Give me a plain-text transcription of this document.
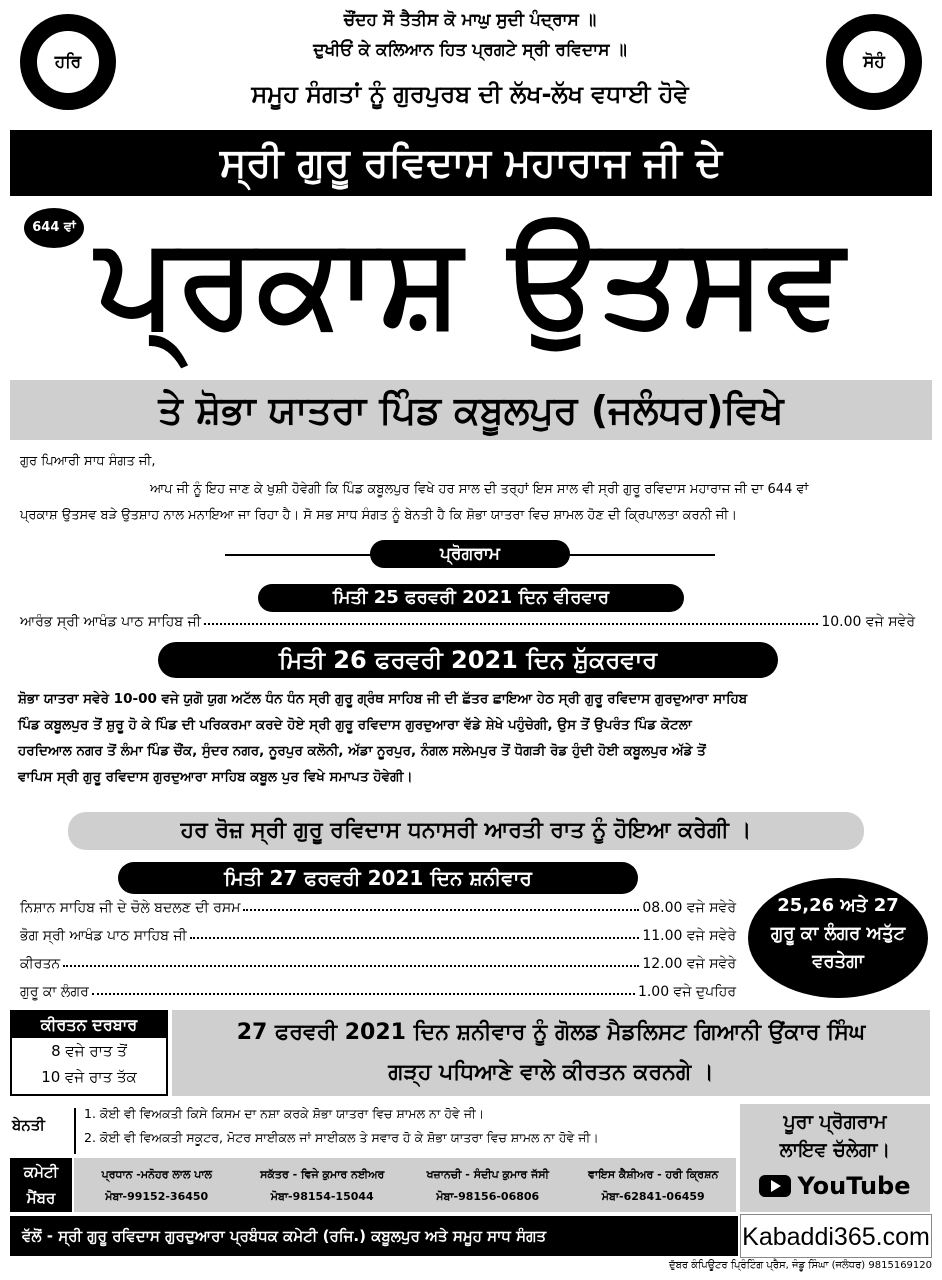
ਹਰਿ	ਸੋਹੰ
ਚੌਂਦਹ ਸੌ ਤੈਤੀਸ ਕੋ ਮਾਘੁ ਸੁਦੀ ਪੰਦ੍ਰਾਸ ॥
ਦੁਖੀਓਂ ਕੇ ਕਲਿਆਨ ਹਿਤ ਪ੍ਰਗਟੇ ਸ੍ਰੀ ਰਵਿਦਾਸ ॥
ਸਮੂਹ ਸੰਗਤਾਂ ਨੂੰ ਗੁਰਪੁਰਬ ਦੀ ਲੱਖ-ਲੱਖ ਵਧਾਈ ਹੋਵੇ
ਸ੍ਰੀ ਗੁਰੂ ਰਵਿਦਾਸ ਮਹਾਰਾਜ ਜੀ ਦੇ
644 ਵਾਂ ਪ੍ਰਕਾਸ਼ ਉਤਸਵ
ਤੇ ਸ਼ੋਭਾ ਯਾਤਰਾ ਪਿੰਡ ਕਬੂਲਪੁਰ (ਜਲੰਧਰ)ਵਿਖੇ
ਗੁਰ ਪਿਆਰੀ ਸਾਧ ਸੰਗਤ ਜੀ,
ਆਪ ਜੀ ਨੂੰ ਇਹ ਜਾਣ ਕੇ ਖੁਸ਼ੀ ਹੋਵੇਗੀ ਕਿ ਪਿੰਡ ਕਬੂਲਪੁਰ ਵਿਖੇ ਹਰ ਸਾਲ ਦੀ ਤਰ੍ਹਾਂ ਇਸ ਸਾਲ ਵੀ ਸ੍ਰੀ ਗੁਰੂ ਰਵਿਦਾਸ ਮਹਾਰਾਜ ਜੀ ਦਾ 644 ਵਾਂ
ਪ੍ਰਕਾਸ਼ ਉਤਸਵ ਬੜੇ ਉਤਸ਼ਾਹ ਨਾਲ ਮਨਾਇਆ ਜਾ ਰਿਹਾ ਹੈ। ਸੋ ਸਭ ਸਾਧ ਸੰਗਤ ਨੂੰ ਬੇਨਤੀ ਹੈ ਕਿ ਸ਼ੋਭਾ ਯਾਤਰਾ ਵਿਚ ਸ਼ਾਮਲ ਹੋਣ ਦੀ ਕ੍ਰਿਪਾਲਤਾ ਕਰਨੀ ਜੀ।
ਪ੍ਰੋਗਰਾਮ
ਮਿਤੀ 25 ਫਰਵਰੀ 2021 ਦਿਨ ਵੀਰਵਾਰ
ਆਰੰਭ ਸ੍ਰੀ ਆਖੰਡ ਪਾਠ ਸਾਹਿਬ ਜੀ	10.00 ਵਜੇ ਸਵੇਰੇ
ਮਿਤੀ 26 ਫਰਵਰੀ 2021 ਦਿਨ ਸ਼ੁੱਕਰਵਾਰ
ਸ਼ੋਭਾ ਯਾਤਰਾ ਸਵੇਰੇ 10-00 ਵਜੇ ਯੁਗੋ ਯੁਗ ਅਟੱਲ ਧੰਨ ਧੰਨ ਸ੍ਰੀ ਗੁਰੂ ਗ੍ਰੰਥ ਸਾਹਿਬ ਜੀ ਦੀ ਛੱਤਰ ਛਾਇਆ ਹੇਠ ਸ੍ਰੀ ਗੁਰੂ ਰਵਿਦਾਸ ਗੁਰਦੁਆਰਾ ਸਾਹਿਬ
ਪਿੰਡ ਕਬੂਲਪੁਰ ਤੋਂ ਸ਼ੁਰੂ ਹੋ ਕੇ ਪਿੰਡ ਦੀ ਪਰਿਕਰਮਾ ਕਰਦੇ ਹੋਏ ਸ੍ਰੀ ਗੁਰੂ ਰਵਿਦਾਸ ਗੁਰਦੁਆਰਾ ਵੱਡੇ ਸ਼ੇਖੇ ਪਹੁੰਚੇਗੀ, ਉਸ ਤੋਂ ਉਪਰੰਤ ਪਿੰਡ ਕੋਟਲਾ
ਹਰਦਿਆਲ ਨਗਰ ਤੋਂ ਲੰਮਾ ਪਿੰਡ ਚੌਂਕ, ਸੁੰਦਰ ਨਗਰ, ਨੂਰਪੁਰ ਕਲੋਨੀ, ਅੱਡਾ ਨੂਰਪੁਰ, ਨੰਗਲ ਸਲੇਮਪੁਰ ਤੋਂ ਧੋਗੜੀ ਰੋਡ ਹੁੰਦੀ ਹੋਈ ਕਬੂਲਪੁਰ ਅੱਡੇ ਤੋਂ
ਵਾਪਿਸ ਸ੍ਰੀ ਗੁਰੂ ਰਵਿਦਾਸ ਗੁਰਦੁਆਰਾ ਸਾਹਿਬ ਕਬੂਲ ਪੁਰ ਵਿਖੇ ਸਮਾਪਤ ਹੋਵੇਗੀ।
ਹਰ ਰੋਜ਼ ਸ੍ਰੀ ਗੁਰੂ ਰਵਿਦਾਸ ਧਨਾਸਰੀ ਆਰਤੀ ਰਾਤ ਨੂੰ ਹੋਇਆ ਕਰੇਗੀ ।
ਮਿਤੀ 27 ਫਰਵਰੀ 2021 ਦਿਨ ਸ਼ਨੀਵਾਰ
ਨਿਸ਼ਾਨ ਸਾਹਿਬ ਜੀ ਦੇ ਚੋਲੇ ਬਦਲਣ ਦੀ ਰਸਮ	08.00 ਵਜੇ ਸਵੇਰੇ
ਭੋਗ ਸ੍ਰੀ ਆਖੰਡ ਪਾਠ ਸਾਹਿਬ ਜੀ	11.00 ਵਜੇ ਸਵੇਰੇ
ਕੀਰਤਨ	12.00 ਵਜੇ ਸਵੇਰੇ
ਗੁਰੂ ਕਾ ਲੰਗਰ	1.00 ਵਜੇ ਦੁਪਹਿਰ
25,26 ਅਤੇ 27
ਗੁਰੂ ਕਾ ਲੰਗਰ ਅਤੁੱਟ
ਵਰਤੇਗਾ
ਕੀਰਤਨ ਦਰਬਾਰ
8 ਵਜੇ ਰਾਤ ਤੋਂ
10 ਵਜੇ ਰਾਤ ਤੱਕ
27 ਫਰਵਰੀ 2021 ਦਿਨ ਸ਼ਨੀਵਾਰ ਨੂੰ ਗੋਲਡ ਮੈਡਲਿਸਟ ਗਿਆਨੀ ਉਂਕਾਰ ਸਿੰਘ
ਗੜ੍ਹ ਪਧਿਆਣੇ ਵਾਲੇ ਕੀਰਤਨ ਕਰਨਗੇ ।
ਬੇਨਤੀ
1. ਕੋਈ ਵੀ ਵਿਅਕਤੀ ਕਿਸੇ ਕਿਸਮ ਦਾ ਨਸ਼ਾ ਕਰਕੇ ਸ਼ੋਭਾ ਯਾਤਰਾ ਵਿਚ ਸ਼ਾਮਲ ਨਾ ਹੋਵੇ ਜੀ।
2. ਕੋਈ ਵੀ ਵਿਅਕਤੀ ਸਕੂਟਰ, ਮੋਟਰ ਸਾਈਕਲ ਜਾਂ ਸਾਈਕਲ ਤੇ ਸਵਾਰ ਹੋ ਕੇ ਸ਼ੋਭਾ ਯਾਤਰਾ ਵਿਚ ਸ਼ਾਮਲ ਨਾ ਹੋਵੇ ਜੀ।
ਪੂਰਾ ਪ੍ਰੋਗਰਾਮ
ਲਾਇਵ ਚੱਲੇਗਾ।
YouTube
ਕਮੇਟੀ
ਮੈਂਬਰ
ਪ੍ਰਧਾਨ -ਮਨੋਹਰ ਲਾਲ ਪਾਲ
ਮੋਬਾ-99152-36450
ਸਕੱਤਰ - ਵਿਜੇ ਕੁਮਾਰ ਨਈਅਰ
ਮੋਬਾ-98154-15044
ਖਜ਼ਾਨਚੀ - ਸੰਦੀਪ ਕੁਮਾਰ ਜੱਸੀ
ਮੋਬਾ-98156-06806
ਵਾਇਸ ਕੈਸ਼ੀਅਰ - ਹਰੀ ਕ੍ਰਿਸ਼ਨ
ਮੋਬਾ-62841-06459
ਵੱਲੋਂ - ਸ੍ਰੀ ਗੁਰੂ ਰਵਿਦਾਸ ਗੁਰਦੁਆਰਾ ਪ੍ਰਬੰਧਕ ਕਮੇਟੀ (ਰਜਿ.) ਕਬੂਲਪੁਰ ਅਤੇ ਸਮੂਹ ਸਾਧ ਸੰਗਤ	Kabaddi365.com
ਦੁੱਬਰ ਕੰਪਿਊਟਰ ਪ੍ਰਿੰਟਿੰਗ ਪ੍ਰੈਸ, ਜੰਡੂ ਸਿੰਘਾ (ਜਲੰਧਰ) 9815169120
